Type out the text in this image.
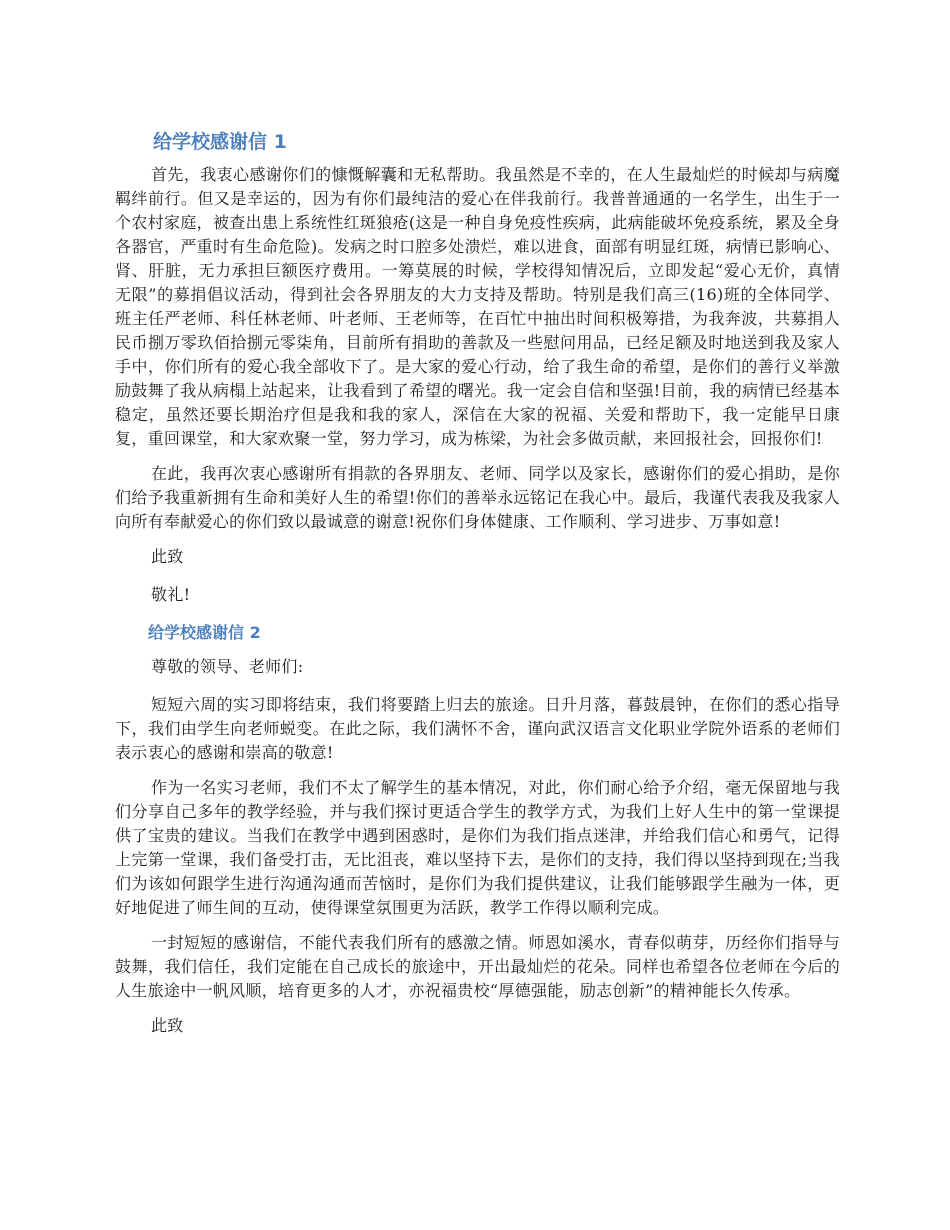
给学校感谢信 1

首先，我衷心感谢你们的慷慨解囊和无私帮助。我虽然是不幸的，在人生最灿烂的时候却与病魔羁绊前行。但又是幸运的，因为有你们最纯洁的爱心在伴我前行。我普普通通的一名学生，出生于一个农村家庭，被查出患上系统性红斑狼疮(这是一种自身免疫性疾病，此病能破坏免疫系统，累及全身各器官，严重时有生命危险)。发病之时口腔多处溃烂，难以进食，面部有明显红斑，病情已影响心、肾、肝脏，无力承担巨额医疗费用。一筹莫展的时候，学校得知情况后，立即发起“爱心无价，真情无限”的募捐倡议活动，得到社会各界朋友的大力支持及帮助。特别是我们高三(16)班的全体同学、班主任严老师、科任林老师、叶老师、王老师等，在百忙中抽出时间积极筹措，为我奔波，共募捐人民币捌万零玖佰拾捌元零柒角，目前所有捐助的善款及一些慰问用品，已经足额及时地送到我及家人手中，你们所有的爱心我全部收下了。是大家的爱心行动，给了我生命的希望，是你们的善行义举激励鼓舞了我从病榻上站起来，让我看到了希望的曙光。我一定会自信和坚强!目前，我的病情已经基本稳定，虽然还要长期治疗但是我和我的家人，深信在大家的祝福、关爱和帮助下，我一定能早日康复，重回课堂，和大家欢聚一堂，努力学习，成为栋梁，为社会多做贡献，来回报社会，回报你们!

在此，我再次衷心感谢所有捐款的各界朋友、老师、同学以及家长，感谢你们的爱心捐助，是你们给予我重新拥有生命和美好人生的希望!你们的善举永远铭记在我心中。最后，我谨代表我及我家人向所有奉献爱心的你们致以最诚意的谢意!祝你们身体健康、工作顺利、学习进步、万事如意!

此致

敬礼!

给学校感谢信 2

尊敬的领导、老师们:

短短六周的实习即将结束，我们将要踏上归去的旅途。日升月落，暮鼓晨钟，在你们的悉心指导下，我们由学生向老师蜕变。在此之际，我们满怀不舍，谨向武汉语言文化职业学院外语系的老师们表示衷心的感谢和崇高的敬意!

作为一名实习老师，我们不太了解学生的基本情况，对此，你们耐心给予介绍，毫无保留地与我们分享自己多年的教学经验，并与我们探讨更适合学生的教学方式，为我们上好人生中的第一堂课提供了宝贵的建议。当我们在教学中遇到困惑时，是你们为我们指点迷津，并给我们信心和勇气，记得上完第一堂课，我们备受打击，无比沮丧，难以坚持下去，是你们的支持，我们得以坚持到现在;当我们为该如何跟学生进行沟通沟通而苦恼时，是你们为我们提供建议，让我们能够跟学生融为一体，更好地促进了师生间的互动，使得课堂氛围更为活跃，教学工作得以顺利完成。

一封短短的感谢信，不能代表我们所有的感激之情。师恩如溪水，青春似萌芽，历经你们指导与鼓舞，我们信任，我们定能在自己成长的旅途中，开出最灿烂的花朵。同样也希望各位老师在今后的人生旅途中一帆风顺，培育更多的人才，亦祝福贵校“厚德强能，励志创新”的精神能长久传承。

此致
